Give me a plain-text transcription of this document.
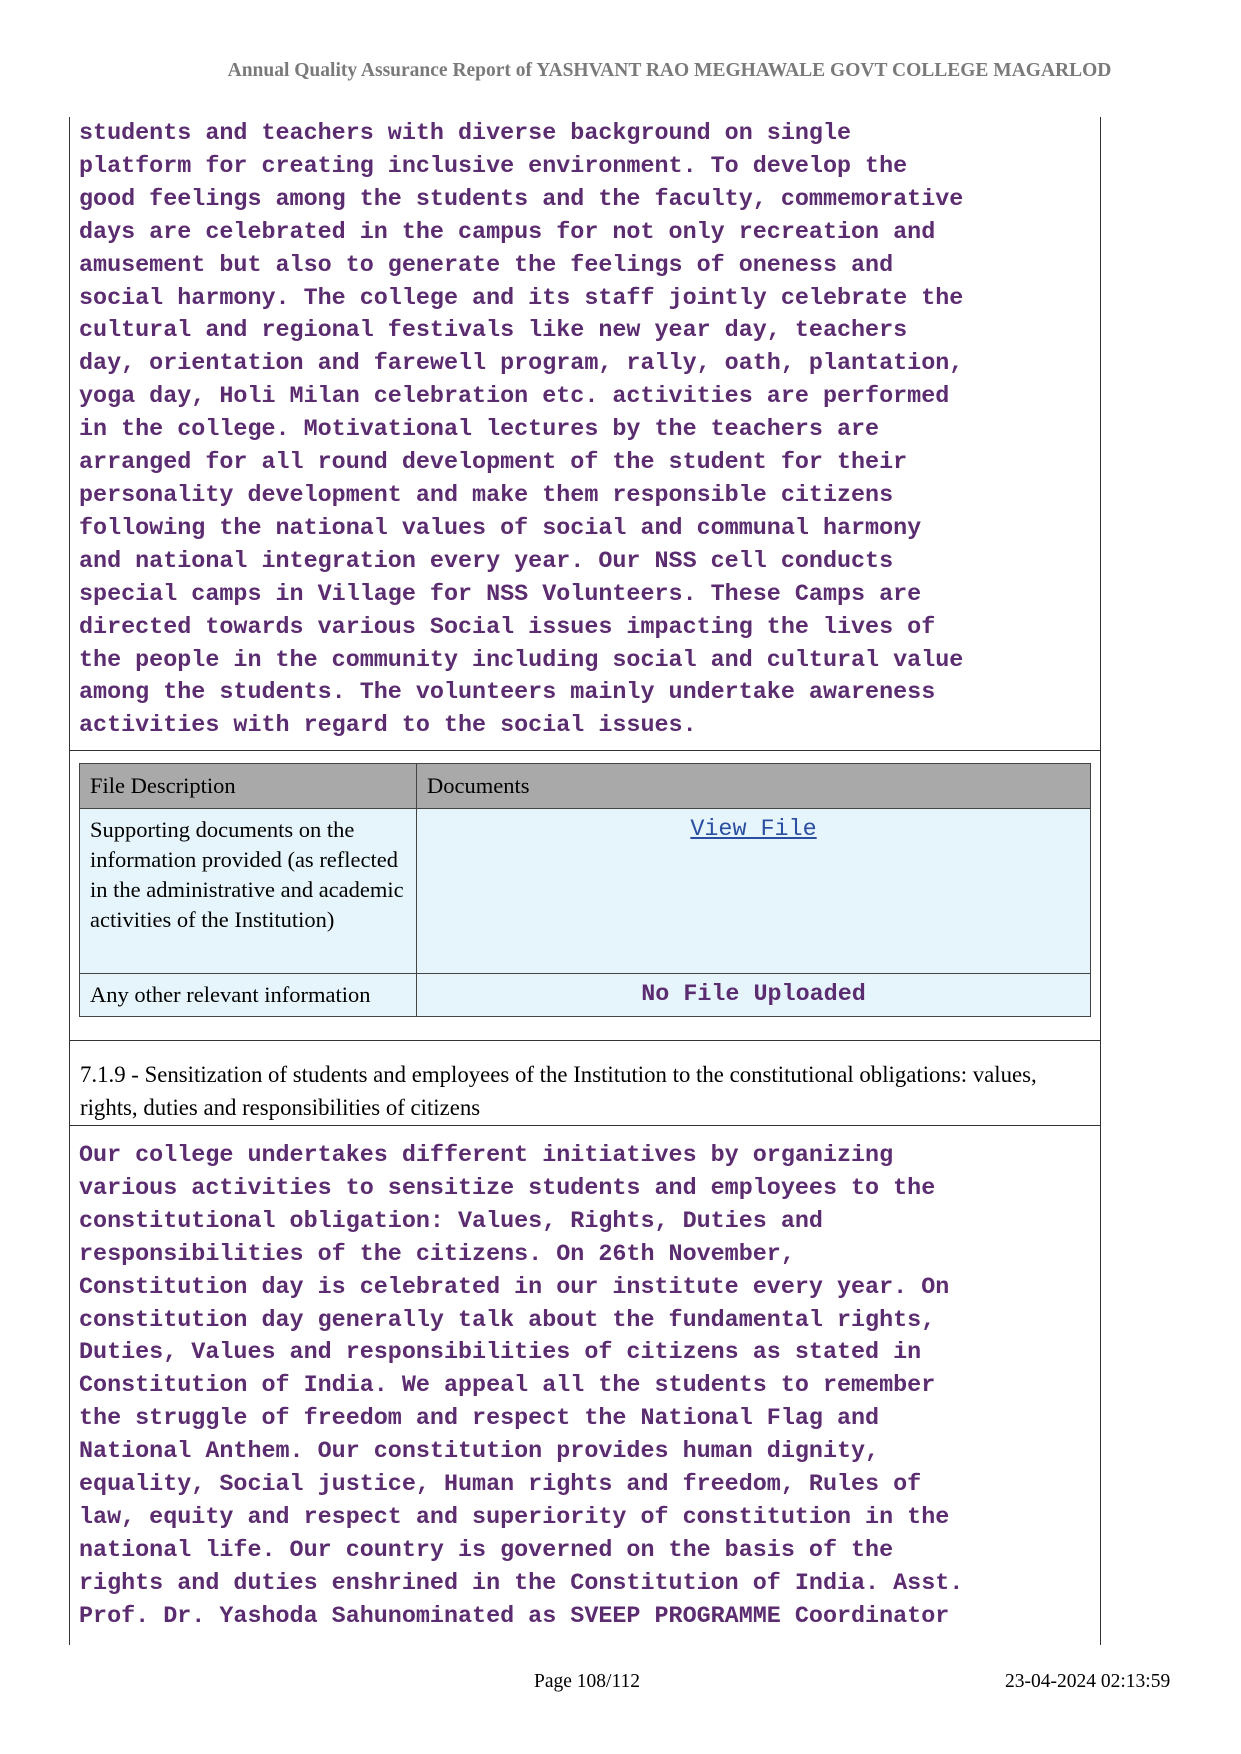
Annual Quality Assurance Report of YASHVANT RAO MEGHAWALE GOVT COLLEGE MAGARLOD
students and teachers with diverse background on single
platform for creating inclusive environment. To develop the
good feelings among the students and the faculty, commemorative
days are celebrated in the campus for not only recreation and
amusement but also to generate the feelings of oneness and
social harmony. The college and its staff jointly celebrate the
cultural and regional festivals like new year day, teachers
day, orientation and farewell program, rally, oath, plantation,
yoga day, Holi Milan celebration etc. activities are performed
in the college. Motivational lectures by the teachers are
arranged for all round development of the student for their
personality development and make them responsible citizens
following the national values of social and communal harmony
and national integration every year. Our NSS cell conducts
special camps in Village for NSS Volunteers. These Camps are
directed towards various Social issues impacting the lives of
the people in the community including social and cultural value
among the students. The volunteers mainly undertake awareness
activities with regard to the social issues.
File Description	Documents
Supporting documents on the information provided (as reflected in the administrative and academic activities of the Institution)	View File
Any other relevant information	No File Uploaded
7.1.9 - Sensitization of students and employees of the Institution to the constitutional obligations: values, rights, duties and responsibilities of citizens
Our college undertakes different initiatives by organizing
various activities to sensitize students and employees to the
constitutional obligation: Values, Rights, Duties and
responsibilities of the citizens. On 26th November,
Constitution day is celebrated in our institute every year. On
constitution day generally talk about the fundamental rights,
Duties, Values and responsibilities of citizens as stated in
Constitution of India. We appeal all the students to remember
the struggle of freedom and respect the National Flag and
National Anthem. Our constitution provides human dignity,
equality, Social justice, Human rights and freedom, Rules of
law, equity and respect and superiority of constitution in the
national life. Our country is governed on the basis of the
rights and duties enshrined in the Constitution of India. Asst.
Prof. Dr. Yashoda Sahunominated as SVEEP PROGRAMME Coordinator
Page 108/112	23-04-2024 02:13:59
